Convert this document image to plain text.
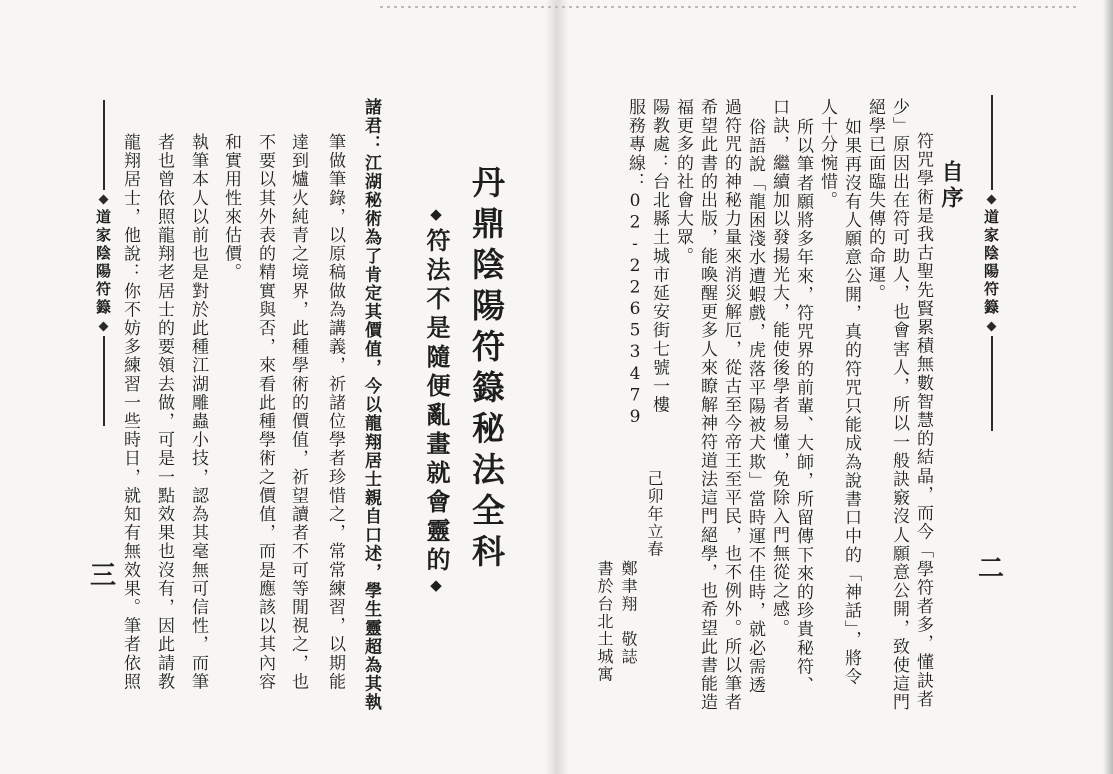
道家陰陽符籙
三	諸君：江湖秘術為了肯定其價值，今以龍翔居士親自口述，學生靈超為其執
筆做筆錄，以原稿做為講義，祈諸位學者珍惜之，常常練習，以期能
達到爐火純青之境界，此種學術的價值，祈望讀者不可等閒視之，也
不要以其外表的精實與否，來看此種學術之價值，而是應該以其內容
和實用性來估價。
執筆本人以前也是對於此種江湖雕蟲小技，認為其毫無可信性，而筆
者也曾依照龍翔老居士的要領去做，可是一點效果也沒有，因此請教
龍翔居士，他說：你不妨多練習一些時日，就知有無效果。筆者依照	◆符法不是隨便亂畫就會靈的◆
丹鼎陰陽符籙秘法全科	道家陰陽符籙
二
自序
符咒學術是我古聖先賢累積無數智慧的結晶，而今「學符者多，懂訣者
少」原因出在符可助人，也會害人，所以一般訣竅沒人願意公開，致使這門
絕學已面臨失傳的命運。
如果再沒有人願意公開，真的符咒只能成為說書口中的「神話」，將令
人十分惋惜。
所以筆者願將多年來，符咒界的前輩、大師，所留傳下來的珍貴秘符、
口訣，繼續加以發揚光大，能使後學者易懂，免除入門無從之感。
俗語說「龍困淺水遭蝦戲，虎落平陽被犬欺」當時運不佳時，就必需透
過符咒的神秘力量來消災解厄，從古至今帝王至平民，也不例外。所以筆者
希望此書的出版，能喚醒更多人來瞭解神符道法這門絕學，也希望此書能造
福更多的社會大眾。
陽教處：台北縣土城市延安街七號一樓
服務專線：02-22653479
己卯年立春
鄭聿翔　敬誌
書於台北土城寓
